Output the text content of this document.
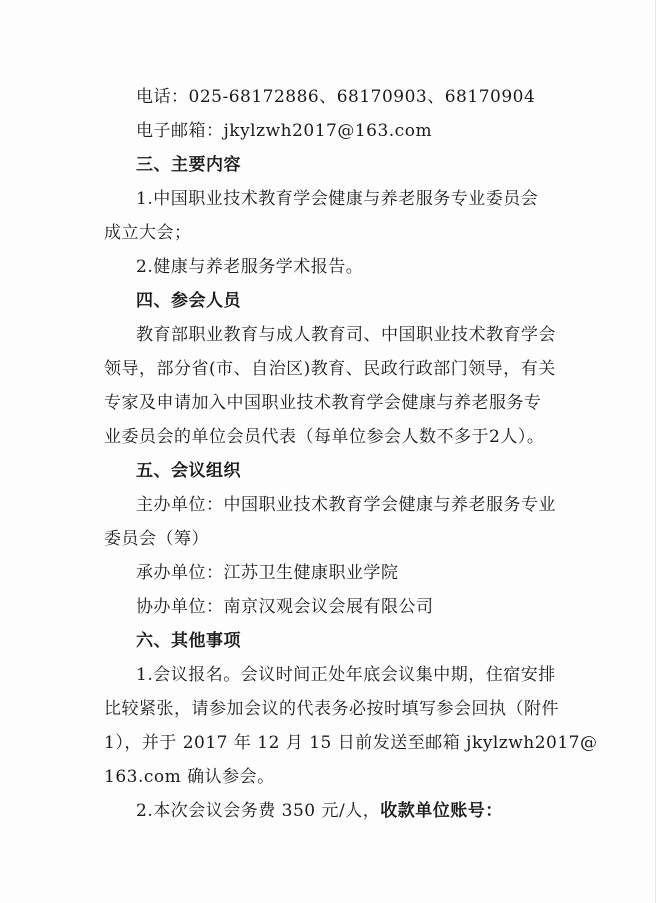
电话：025-68172886、68170903、68170904
电子邮箱：jkylzwh2017@163.com
三、主要内容
1.中国职业技术教育学会健康与养老服务专业委员会
成立大会；
2.健康与养老服务学术报告。
四、参会人员
教育部职业教育与成人教育司、中国职业技术教育学会
领导，部分省(市、自治区)教育、民政行政部门领导，有关
专家及申请加入中国职业技术教育学会健康与养老服务专
业委员会的单位会员代表（每单位参会人数不多于2人）。
五、会议组织
主办单位：中国职业技术教育学会健康与养老服务专业
委员会（筹）
承办单位：江苏卫生健康职业学院
协办单位：南京汉观会议会展有限公司
六、其他事项
1.会议报名。会议时间正处年底会议集中期，住宿安排
比较紧张，请参加会议的代表务必按时填写参会回执（附件
1），并于 2017 年 12 月 15 日前发送至邮箱 jkylzwh2017@
163.com 确认参会。
2.本次会议会务费 350 元/人，收款单位账号：
